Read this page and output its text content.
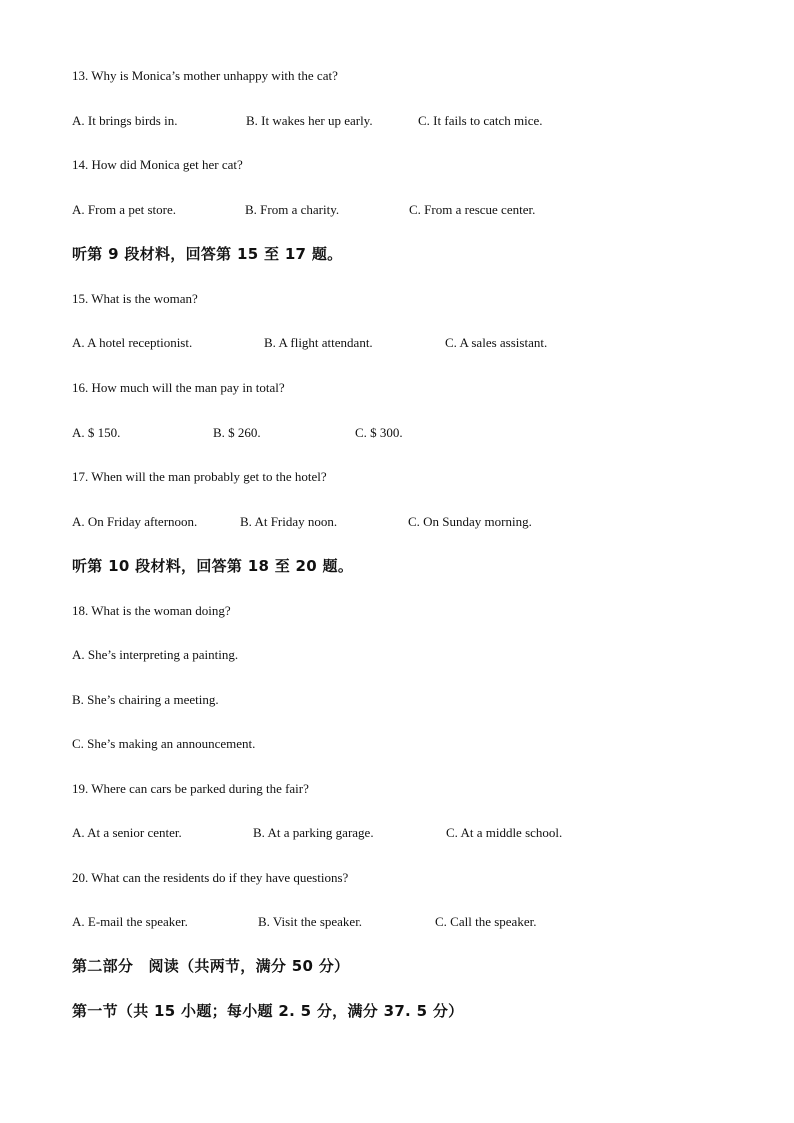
13. Why is Monica’s mother unhappy with the cat?
A. It brings birds in.	B. It wakes her up early.	C. It fails to catch mice.
14. How did Monica get her cat?
A. From a pet store.	B. From a charity.	C. From a rescue center.
听第 9 段材料，回答第 15 至 17 题。
15. What is the woman?
A. A hotel receptionist.	B. A flight attendant.	C. A sales assistant.
16. How much will the man pay in total?
A. $ 150.	B. $ 260.	C. $ 300.
17. When will the man probably get to the hotel?
A. On Friday afternoon.	B. At Friday noon.	C. On Sunday morning.
听第 10 段材料，回答第 18 至 20 题。
18. What is the woman doing?
A. She’s interpreting a painting.
B. She’s chairing a meeting.
C. She’s making an announcement.
19. Where can cars be parked during the fair?
A. At a senior center.	B. At a parking garage.	C. At a middle school.
20. What can the residents do if they have questions?
A. E-mail the speaker.	B. Visit the speaker.	C. Call the speaker.
第二部分　阅读（共两节，满分 50 分）
第一节（共 15 小题；每小题 2. 5 分，满分 37. 5 分）
